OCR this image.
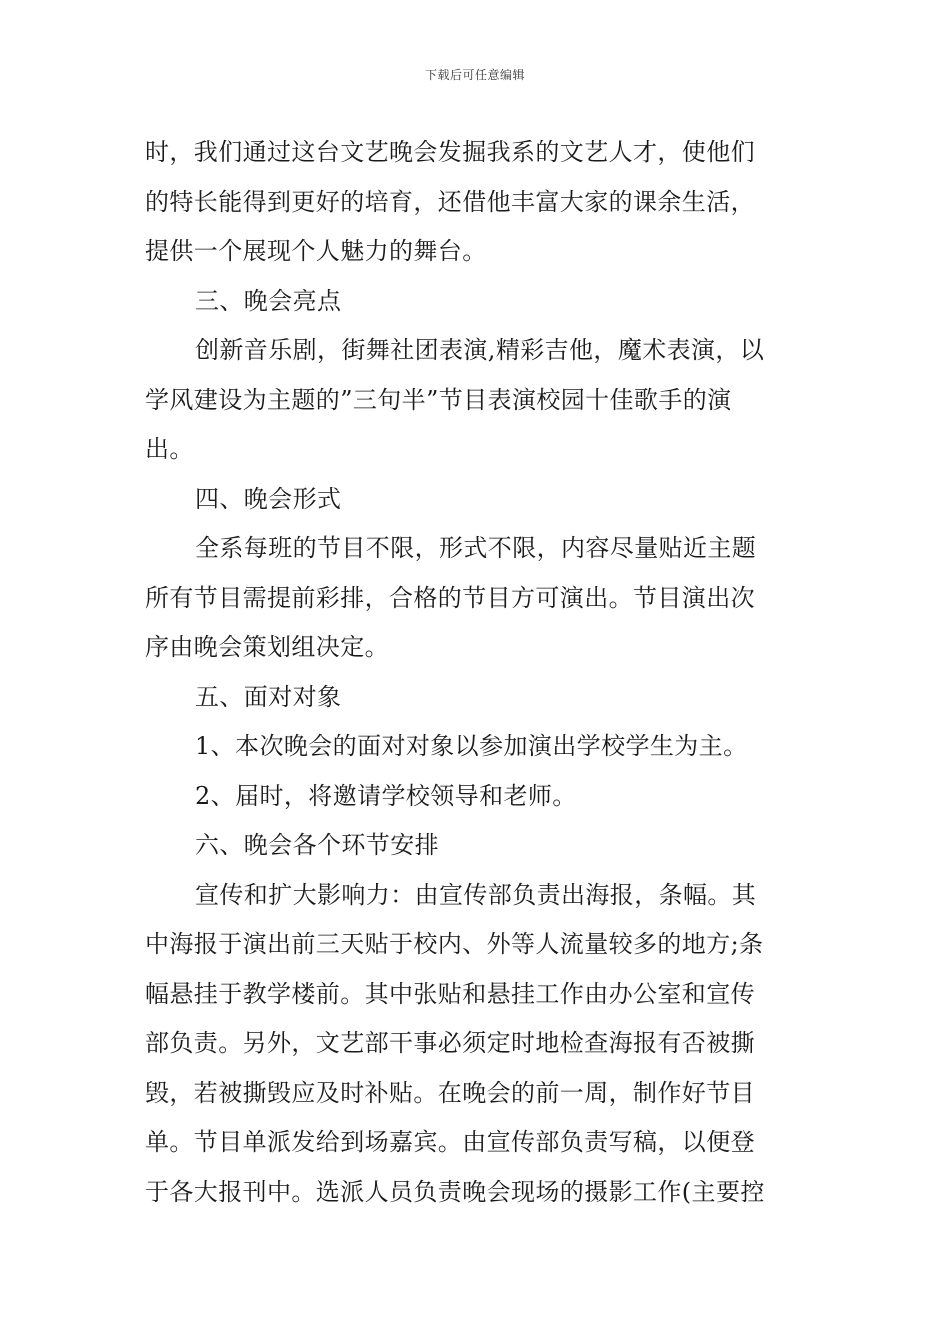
下载后可任意编辑
时，我们通过这台文艺晚会发掘我系的文艺人才，使他们
的特长能得到更好的培育，还借他丰富大家的课余生活，
提供一个展现个人魅力的舞台。
三、晚会亮点
创新音乐剧，街舞社团表演,精彩吉他，魔术表演，以
学风建设为主题的”三句半”节目表演校园十佳歌手的演
出。
四、晚会形式
全系每班的节目不限，形式不限，内容尽量贴近主题
所有节目需提前彩排，合格的节目方可演出。节目演出次
序由晚会策划组决定。
五、面对对象
1、本次晚会的面对对象以参加演出学校学生为主。
2、届时，将邀请学校领导和老师。
六、晚会各个环节安排
宣传和扩大影响力：由宣传部负责出海报，条幅。其
中海报于演出前三天贴于校内、外等人流量较多的地方;条
幅悬挂于教学楼前。其中张贴和悬挂工作由办公室和宣传
部负责。另外，文艺部干事必须定时地检查海报有否被撕
毁，若被撕毁应及时补贴。在晚会的前一周，制作好节目
单。节目单派发给到场嘉宾。由宣传部负责写稿，以便登
于各大报刊中。选派人员负责晚会现场的摄影工作(主要控
